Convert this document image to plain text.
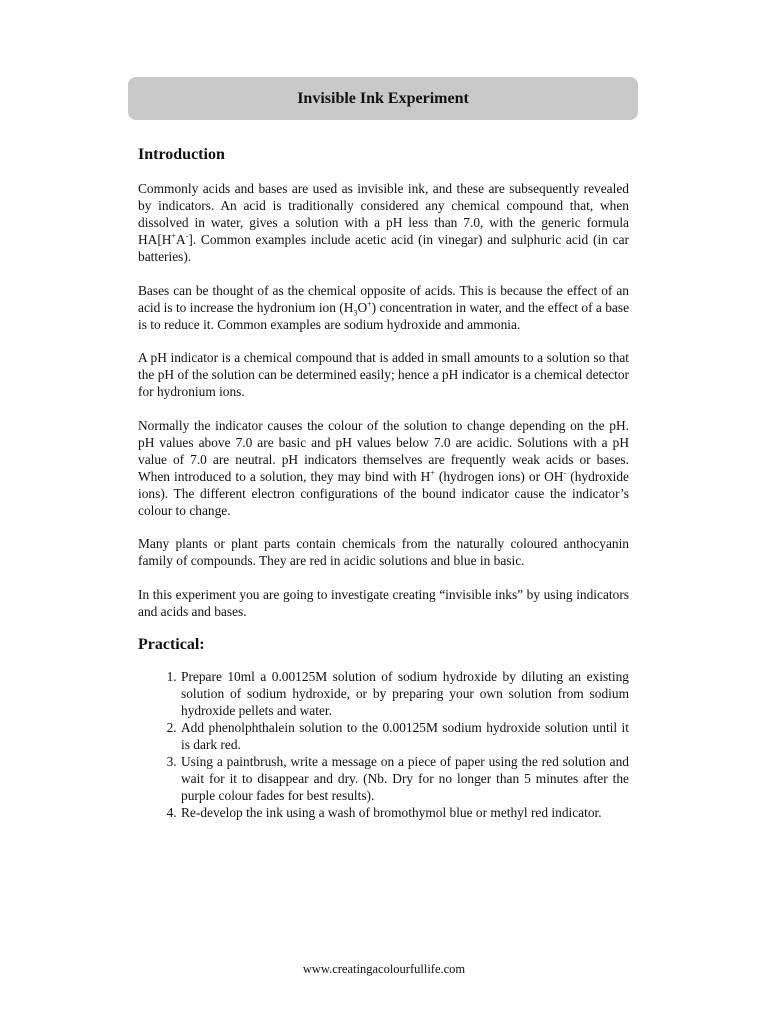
Invisible Ink Experiment
Introduction

Commonly acids and bases are used as invisible ink, and these are subsequently revealed by indicators. An acid is traditionally considered any chemical compound that, when dissolved in water, gives a solution with a pH less than 7.0, with the generic formula HA[H+A-]. Common examples include acetic acid (in vinegar) and sulphuric acid (in car batteries).

Bases can be thought of as the chemical opposite of acids. This is because the effect of an acid is to increase the hydronium ion $(H_3O^+)$ concentration in water, and the effect of a base is to reduce it. Common examples are sodium hydroxide and ammonia.

A pH indicator is a chemical compound that is added in small amounts to a solution so that the pH of the solution can be determined easily; hence a pH indicator is a chemical detector for hydronium ions.

Normally the indicator causes the colour of the solution to change depending on the pH. pH values above 7.0 are basic and pH values below 7.0 are acidic. Solutions with a pH value of 7.0 are neutral. pH indicators themselves are frequently weak acids or bases. When introduced to a solution, they may bind with H+ (hydrogen ions) or OH- (hydroxide ions). The different electron configurations of the bound indicator cause the indicator’s colour to change.

Many plants or plant parts contain chemicals from the naturally coloured anthocyanin family of compounds. They are red in acidic solutions and blue in basic.

In this experiment you are going to investigate creating “invisible inks” by using indicators and acids and bases.

Practical:
1. Prepare 10ml a 0.00125M solution of sodium hydroxide by diluting an existing solution of sodium hydroxide, or by preparing your own solution from sodium hydroxide pellets and water.
2. Add phenolphthalein solution to the 0.00125M sodium hydroxide solution until it is dark red.
3. Using a paintbrush, write a message on a piece of paper using the red solution and wait for it to disappear and dry. (Nb. Dry for no longer than 5 minutes after the purple colour fades for best results).
4. Re-develop the ink using a wash of bromothymol blue or methyl red indicator.
www.creatingacolourfullife.com
